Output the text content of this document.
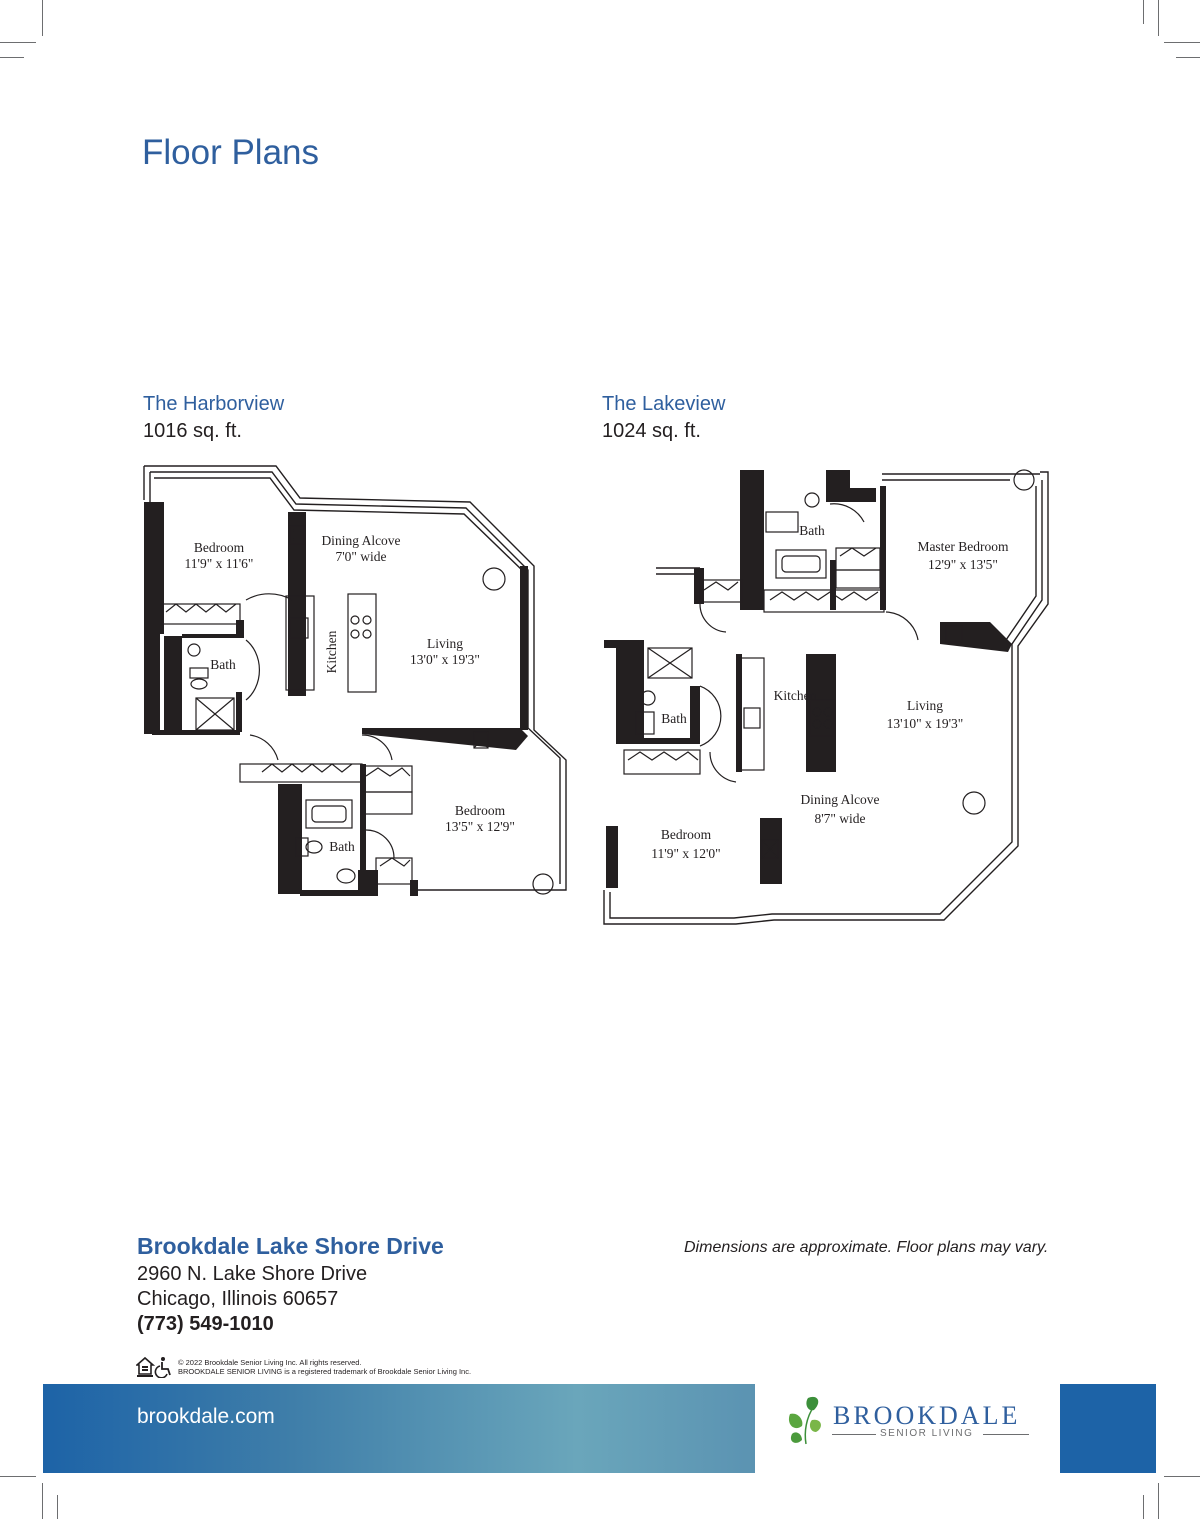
Floor Plans
The Harborview
1016 sq. ft.
The Lakeview
1024 sq. ft.
Bedroom
11'9" x 11'6"
Dining Alcove
7'0" wide
Kitchen	Living
13'0" x 19'3"
Bath
Bedroom
13'5" x 12'9"
Bath
Bath
Master Bedroom
12'9" x 13'5"
Kitchen
Bath
Living
13'10" x 19'3"
Dining Alcove
8'7" wide
Bedroom
11'9" x 12'0"
Brookdale Lake Shore Drive
2960 N. Lake Shore Drive
Chicago, Illinois 60657
(773) 549-1010
Dimensions are approximate. Floor plans may vary.
© 2022 Brookdale Senior Living Inc. All rights reserved.
BROOKDALE SENIOR LIVING is a registered trademark of Brookdale Senior Living Inc.
brookdale.com	BROOKDALE
SENIOR LIVING
